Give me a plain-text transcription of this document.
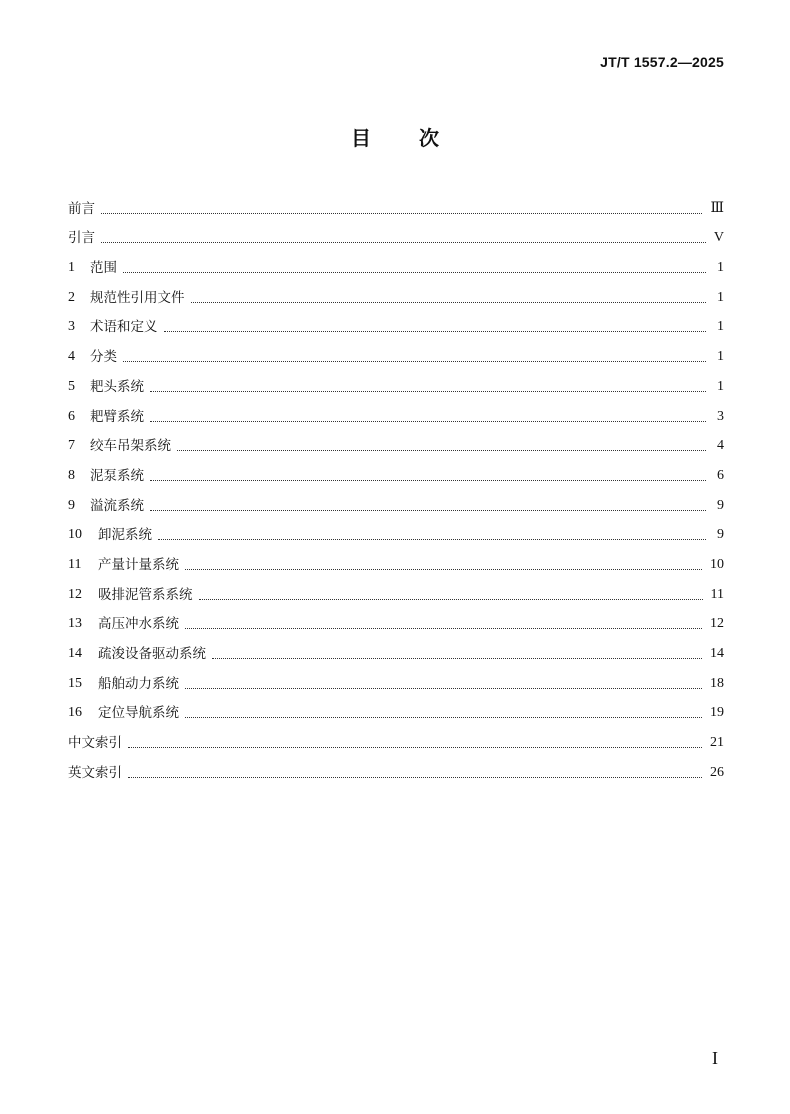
JT/T 1557.2—2025
目 次
前言	Ⅲ
引言	V
1	范围	1
2	规范性引用文件	1
3	术语和定义	1
4	分类	1
5	耙头系统	1
6	耙臂系统	3
7	绞车吊架系统	4
8	泥泵系统	6
9	溢流系统	9
10	卸泥系统	9
11	产量计量系统	10
12	吸排泥管系系统	11
13	高压冲水系统	12
14	疏浚设备驱动系统	14
15	船舶动力系统	18
16	定位导航系统	19
中文索引	21
英文索引	26
I
